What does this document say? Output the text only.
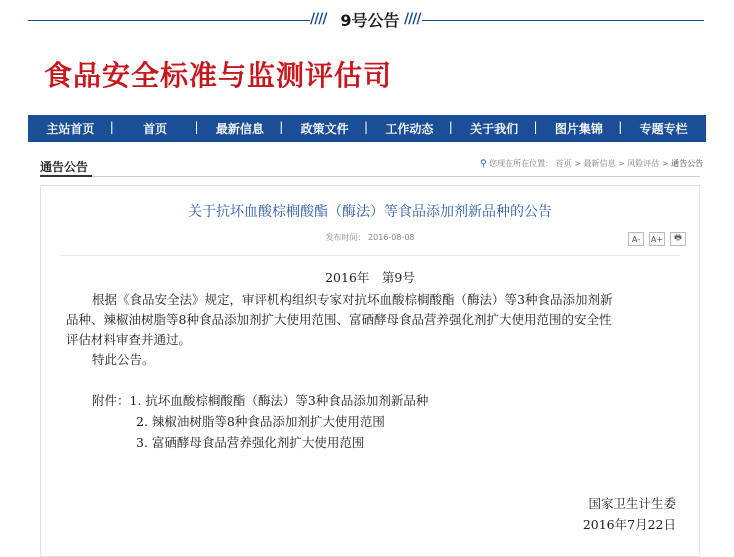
//// 9号公告 ////
食品安全标准与监测评估司
主站首页	| 首页	| 最新信息	| 政策文件	| 工作动态	| 关于我们	| 图片集锦	| 专题专栏
通告公告	⚲ 您现在所在位置： 首页 > 最新信息 > 风险评估 > 通告公告
关于抗坏血酸棕榈酸酯（酶法）等食品添加剂新品种的公告
发布时间： 2016-08-08	A-	A+	🖶
2016年　第9号
根据《食品安全法》规定，审评机构组织专家对抗坏血酸棕榈酸酯（酶法）等3种食品添加剂新
品种、辣椒油树脂等8种食品添加剂扩大使用范围、富硒酵母食品营养强化剂扩大使用范围的安全性
评估材料审查并通过。
特此公告。
附件：1. 抗坏血酸棕榈酸酯（酶法）等3种食品添加剂新品种
2. 辣椒油树脂等8种食品添加剂扩大使用范围
3. 富硒酵母食品营养强化剂扩大使用范围
国家卫生计生委
2016年7月22日
